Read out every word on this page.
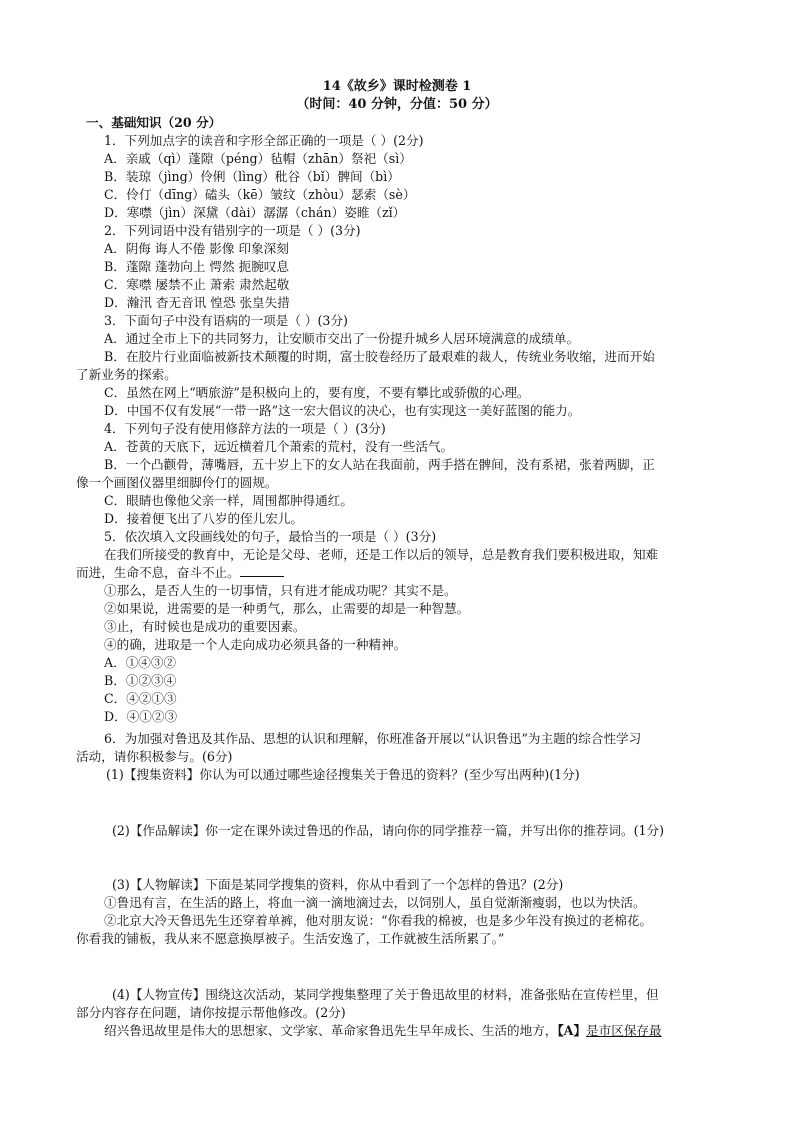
14《故乡》课时检测卷 1
（时间：40 分钟，分值：50 分）
一、基础知识（20 分）
1．下列加点字的读音和字形全部正确的一项是（ ）(2分)
A．亲戚（qì）蓬隙（péng）毡帽（zhān）祭祀（sì）
B．装琼（jìng）伶俐（lìng）秕谷（bǐ）髀间（bì）
C．伶仃（dīng）磕头（kē）皱纹（zhòu）瑟索（sè）
D．寒噤（jìn）深黛（dài）潺潺（chán）姿睢（zǐ）
2．下列词语中没有错别字的一项是（ ）(3分)
A．阴侮 诲人不倦 影像 印象深刻
B．蓬隙 蓬勃向上 愕然 扼腕叹息
C．寒噤 屡禁不止 萧索 肃然起敬
D．瀚汛 杳无音讯 惶恐 张皇失措
3．下面句子中没有语病的一项是（ ）(3分)
A．通过全市上下的共同努力，让安顺市交出了一份提升城乡人居环境满意的成绩单。
B．在胶片行业面临被新技术颠覆的时期，富士胶卷经历了最艰难的裁人，传统业务收缩，进而开始
了新业务的探索。
C．虽然在网上“晒旅游”是积极向上的，要有度，不要有攀比或骄傲的心理。
D．中国不仅有发展“一带一路”这一宏大倡议的决心，也有实现这一美好蓝图的能力。
4．下列句子没有使用修辞方法的一项是（ ）(3分)
A．苍黄的天底下，远近横着几个萧索的荒村，没有一些活气。
B．一个凸颧骨，薄嘴唇，五十岁上下的女人站在我面前，两手搭在髀间，没有系裙，张着两脚，正
像一个画图仪器里细脚伶仃的圆规。
C．眼睛也像他父亲一样，周围都肿得通红。
D．接着便飞出了八岁的侄儿宏儿。
5．依次填入文段画线处的句子，最恰当的一项是（ ）(3分)
在我们所接受的教育中，无论是父母、老师，还是工作以后的领导，总是教育我们要积极进取，知难
而进，生命不息，奋斗不止。
①那么，是否人生的一切事情，只有进才能成功呢？其实不是。
②如果说，进需要的是一种勇气，那么，止需要的却是一种智慧。
③止，有时候也是成功的重要因素。
④的确，进取是一个人走向成功必须具备的一种精神。
A．①④③②
B．①②③④
C．④②①③
D．④①②③
6．为加强对鲁迅及其作品、思想的认识和理解，你班准备开展以“认识鲁迅”为主题的综合性学习
活动，请你积极参与。(6分)
(1)【搜集资料】你认为可以通过哪些途径搜集关于鲁迅的资料？(至少写出两种)(1分)
(2)【作品解读】你一定在课外读过鲁迅的作品，请向你的同学推荐一篇，并写出你的推荐词。(1分)
(3)【人物解读】下面是某同学搜集的资料，你从中看到了一个怎样的鲁迅？(2分)
①鲁迅有言，在生活的路上，将血一滴一滴地滴过去，以饲别人，虽自觉渐渐瘦弱，也以为快活。
②北京大冷天鲁迅先生还穿着单裤，他对朋友说：“你看我的棉被，也是多少年没有换过的老棉花。
你看我的铺板，我从来不愿意换厚被子。生活安逸了，工作就被生活所累了。”
(4)【人物宣传】围绕这次活动，某同学搜集整理了关于鲁迅故里的材料，准备张贴在宣传栏里，但
部分内容存在问题，请你按提示帮他修改。(2分)
绍兴鲁迅故里是伟大的思想家、文学家、革命家鲁迅先生早年成长、生活的地方，【A】是市区保存最
